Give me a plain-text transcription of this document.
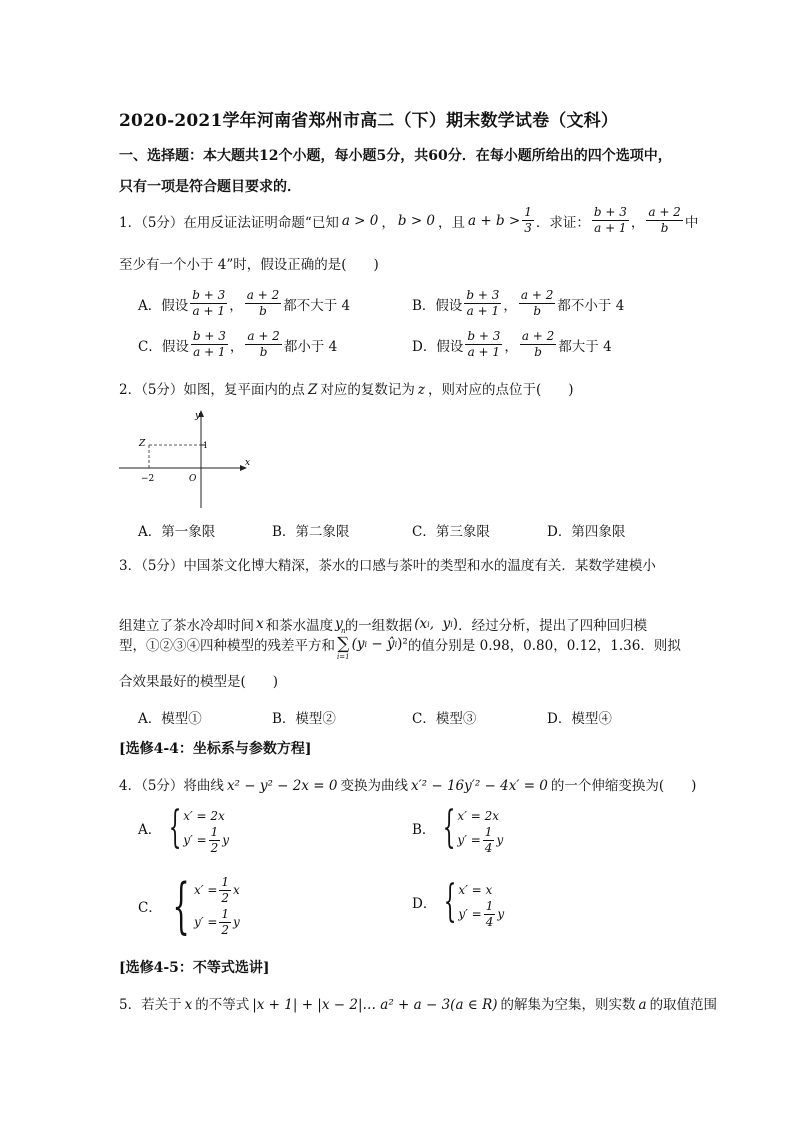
2020-2021学年河南省郑州市高二（下）期末数学试卷（文科）
一、选择题：本大题共12个小题，每小题5分，共60分．在每小题所给出的四个选项中，
只有一项是符合题目要求的．
1．（5分）在用反证法证明命题“已知 a > 0 ， b > 0 ，且 $a + b > \frac{1}{3}$ ．求证： $\frac{b + 3}{a + 1}$ ， $\frac{a + 2}{b}$ 中
至少有一个小于 4”时，假设正确的是(　　)
A．假设 $\frac{b + 3}{a + 1}$ ， $\frac{a + 2}{b}$ 都不大于 4	B．假设 $\frac{b + 3}{a + 1}$ ， $\frac{a + 2}{b}$ 都不小于 4
C．假设 $\frac{b + 3}{a + 1}$ ， $\frac{a + 2}{b}$ 都小于 4	D．假设 $\frac{b + 3}{a + 1}$ ， $\frac{a + 2}{b}$ 都大于 4
2．（5分）如图，复平面内的点 Z 对应的复数记为 z ，则对应的点位于(　　)
y
x
Z
O
−2
1
A．第一象限	B．第二象限	C．第三象限	D．第四象限
3．（5分）中国茶文化博大精深，茶水的口感与茶叶的类型和水的温度有关．某数学建模小
组建立了茶水冷却时间 x 和茶水温度 y 的一组数据 (x i ,  y i ) ．经过分析，提出了四种回归模
型，①②③④四种模型的残差平方和
n
∑
i=1
(y i − ŷ i )² 的值分别是 0.98，0.80，0.12，1.36．则拟
合效果最好的模型是(　　)
A．模型①	B．模型②	C．模型③	D．模型④
[选修4-4：坐标系与参数方程]
4．（5分）将曲线 x² − y² − 2x = 0 变换为曲线 x′² − 16y′² − 4x′ = 0 的一个伸缩变换为(　　)
A． { x′ = 2x
$y' = \frac{1}{2}$ y
B． { x′ = 2x
$y' = \frac{1}{4}$ y
C． { $x' = \frac{1}{2}$ x
$y' = \frac{1}{2}$ y
D． { x′ = x
$y' = \frac{1}{4}$ y
[选修4-5：不等式选讲]
5．若关于 x 的不等式 |x + 1| + |x − 2|… a² + a − 3(a ∈ R) 的解集为空集，则实数 a 的取值范围
